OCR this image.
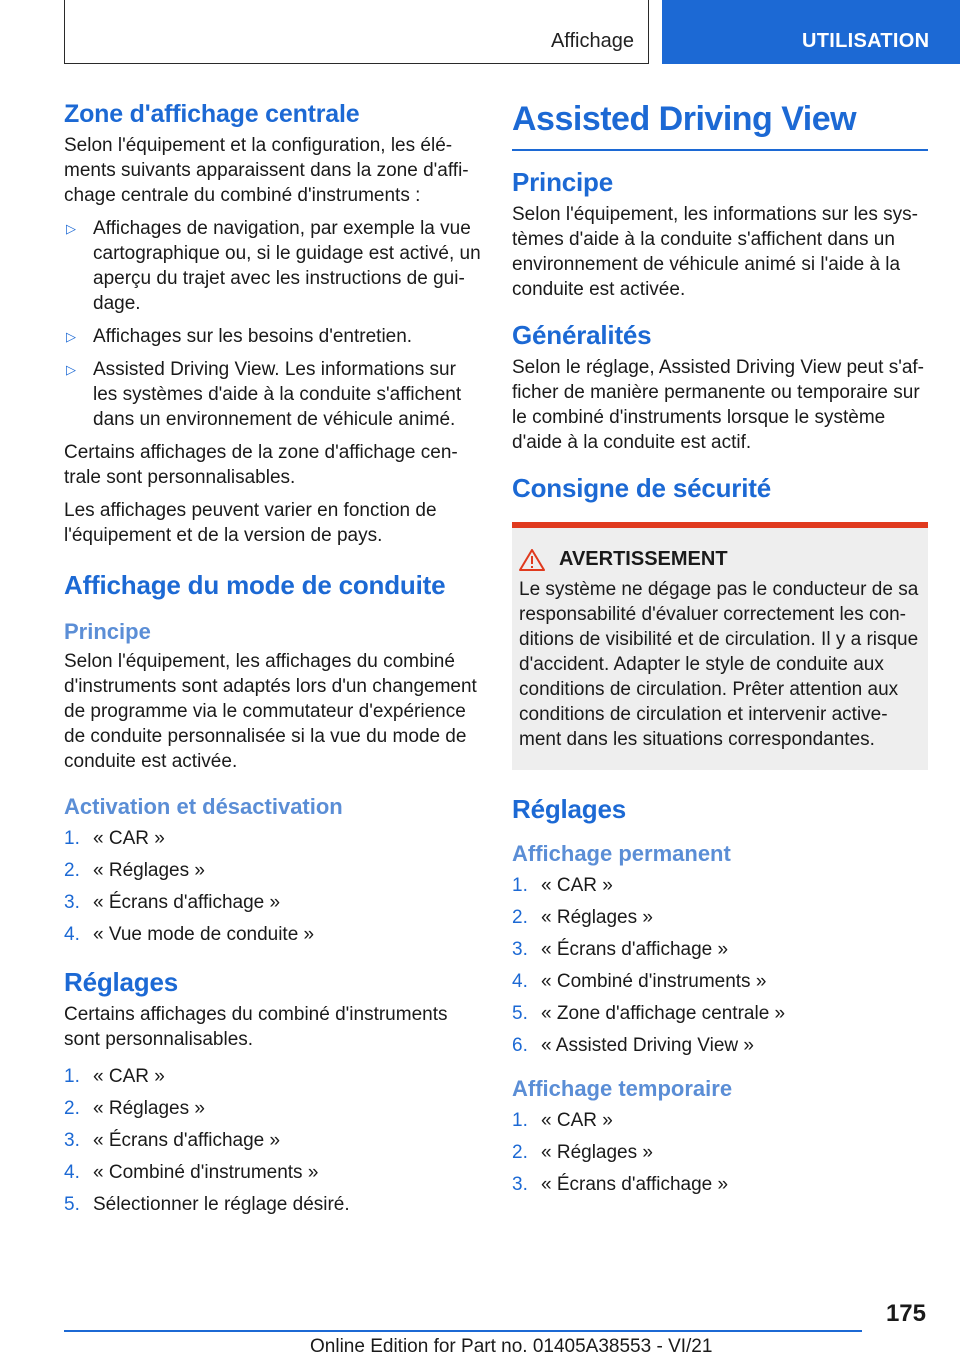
Affichage	UTILISATION
Zone d'affichage centrale

Selon l'équipement et la configuration, les éléments suivants apparaissent dans la zone d'affichage centrale du combiné d'instruments :

▷ Affichages de navigation, par exemple la vue cartographique ou, si le guidage est activé, un aperçu du trajet avec les instructions de guidage.
▷ Affichages sur les besoins d'entretien.
▷ Assisted Driving View. Les informations sur les systèmes d'aide à la conduite s'affichent dans un environnement de véhicule animé.

Certains affichages de la zone d'affichage centrale sont personnalisables.

Les affichages peuvent varier en fonction de l'équipement et de la version de pays.

Affichage du mode de conduite
Principe

Selon l'équipement, les affichages du combiné d'instruments sont adaptés lors d'un changement de programme via le commutateur d'expérience de conduite personnalisée si la vue du mode de conduite est activée.

Activation et désactivation
1. « CAR »
2. « Réglages »
3. « Écrans d'affichage »
4. « Vue mode de conduite »
Réglages

Certains affichages du combiné d'instruments sont personnalisables.

1. « CAR »
2. « Réglages »
3. « Écrans d'affichage »
4. « Combiné d'instruments »
5. Sélectionner le réglage désiré.
Assisted Driving View
Principe

Selon l'équipement, les informations sur les systèmes d'aide à la conduite s'affichent dans un environnement de véhicule animé si l'aide à la conduite est activée.

Généralités

Selon le réglage, Assisted Driving View peut s'afficher de manière permanente ou temporaire sur le combiné d'instruments lorsque le système d'aide à la conduite est actif.

Consigne de sécurité
AVERTISSEMENT

Le système ne dégage pas le conducteur de sa responsabilité d'évaluer correctement les conditions de visibilité et de circulation. Il y a risque d'accident. Adapter le style de conduite aux conditions de circulation. Prêter attention aux conditions de circulation et intervenir activement dans les situations correspondantes.

Réglages
Affichage permanent
1. « CAR »
2. « Réglages »
3. « Écrans d'affichage »
4. « Combiné d'instruments »
5. « Zone d'affichage centrale »
6. « Assisted Driving View »
Affichage temporaire
1. « CAR »
2. « Réglages »
3. « Écrans d'affichage »
175
Online Edition for Part no. 01405A38553 - VI/21
